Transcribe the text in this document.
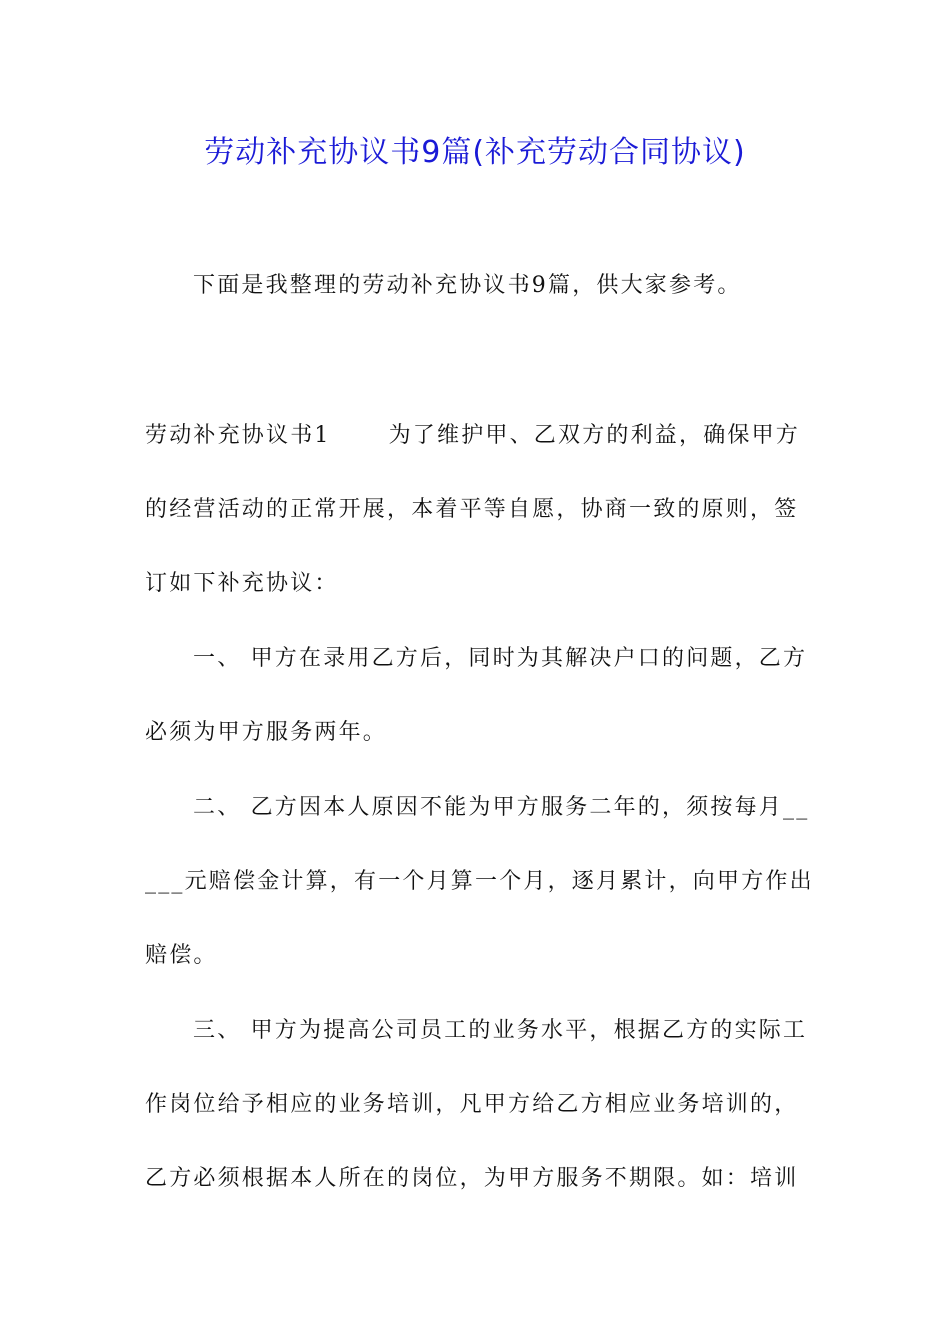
劳动补充协议书9篇(补充劳动合同协议)
下面是我整理的劳动补充协议书9篇，供大家参考。
劳动补充协议书1	为了维护甲、乙双方的利益，确保甲方
的经营活动的正常开展，本着平等自愿，协商一致的原则，签
订如下补充协议：
一、 甲方在录用乙方后，同时为其解决户口的问题，乙方
必须为甲方服务两年。
二、 乙方因本人原因不能为甲方服务二年的，须按每月__
___元赔偿金计算，有一个月算一个月，逐月累计，向甲方作出
赔偿。
三、 甲方为提高公司员工的业务水平，根据乙方的实际工
作岗位给予相应的业务培训，凡甲方给乙方相应业务培训的，
乙方必须根据本人所在的岗位，为甲方服务不期限。如：培训
